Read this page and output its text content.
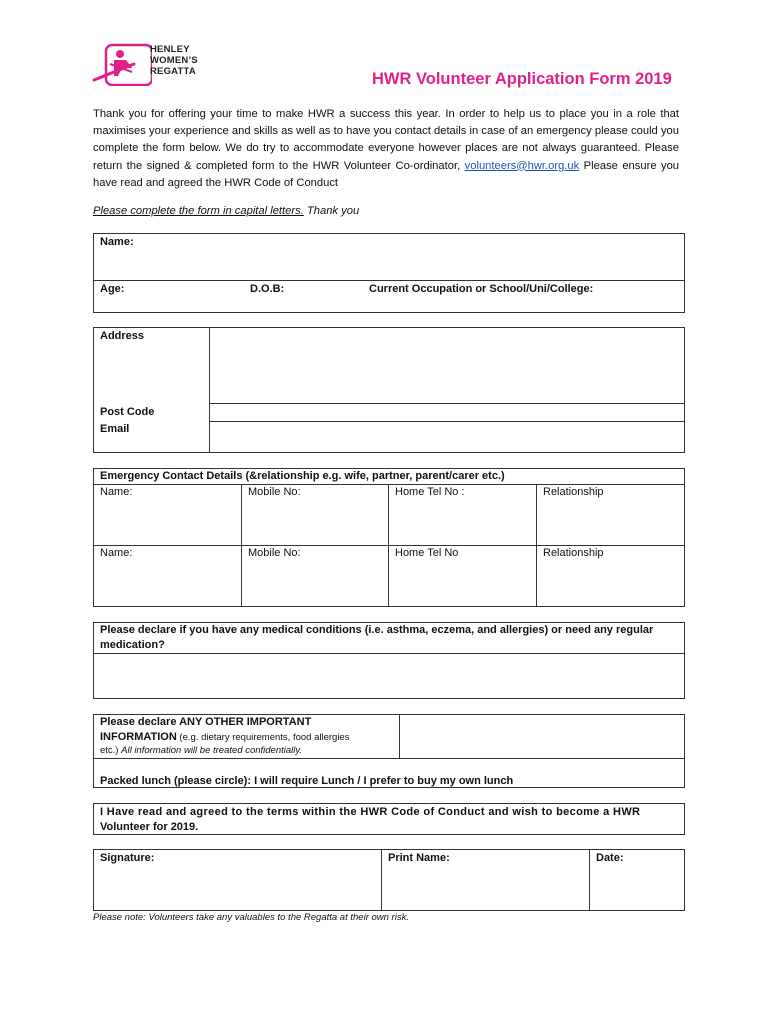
HENLEY
WOMEN’S
REGATTA	HWR Volunteer Application Form 2019

Thank you for offering your time to make HWR a success this year. In order to help us to place you in a role that maximises your experience and skills as well as to have you contact details in case of an emergency please could you complete the form below. We do try to accommodate everyone however places are not always guaranteed. Please return the signed & completed form to the HWR Volunteer Co-ordinator, volunteers@hwr.org.uk Please ensure you have read and agreed the HWR Code of Conduct

Please complete the form in capital letters. Thank you

Name:
Age:	D.O.B:	Current Occupation or School/Uni/College:
Address
Post Code
Email
Emergency Contact Details (&relationship e.g. wife, partner, parent/carer etc.)
Name:	Mobile No:	Home Tel No :	Relationship
Name:	Mobile No:	Home Tel No	Relationship
Please declare if you have any medical conditions (i.e. asthma, eczema, and allergies) or need any regular
medication?
Please declare ANY OTHER IMPORTANT
INFORMATION (e.g. dietary requirements, food allergies
etc.) All information will be treated confidentially.
Packed lunch (please circle): I will require Lunch / I prefer to buy my own lunch
I Have read and agreed to the terms within the HWR Code of Conduct and wish to become a HWR
Volunteer for 2019.
Signature:	Print Name:	Date:

Please note: Volunteers take any valuables to the Regatta at their own risk.
